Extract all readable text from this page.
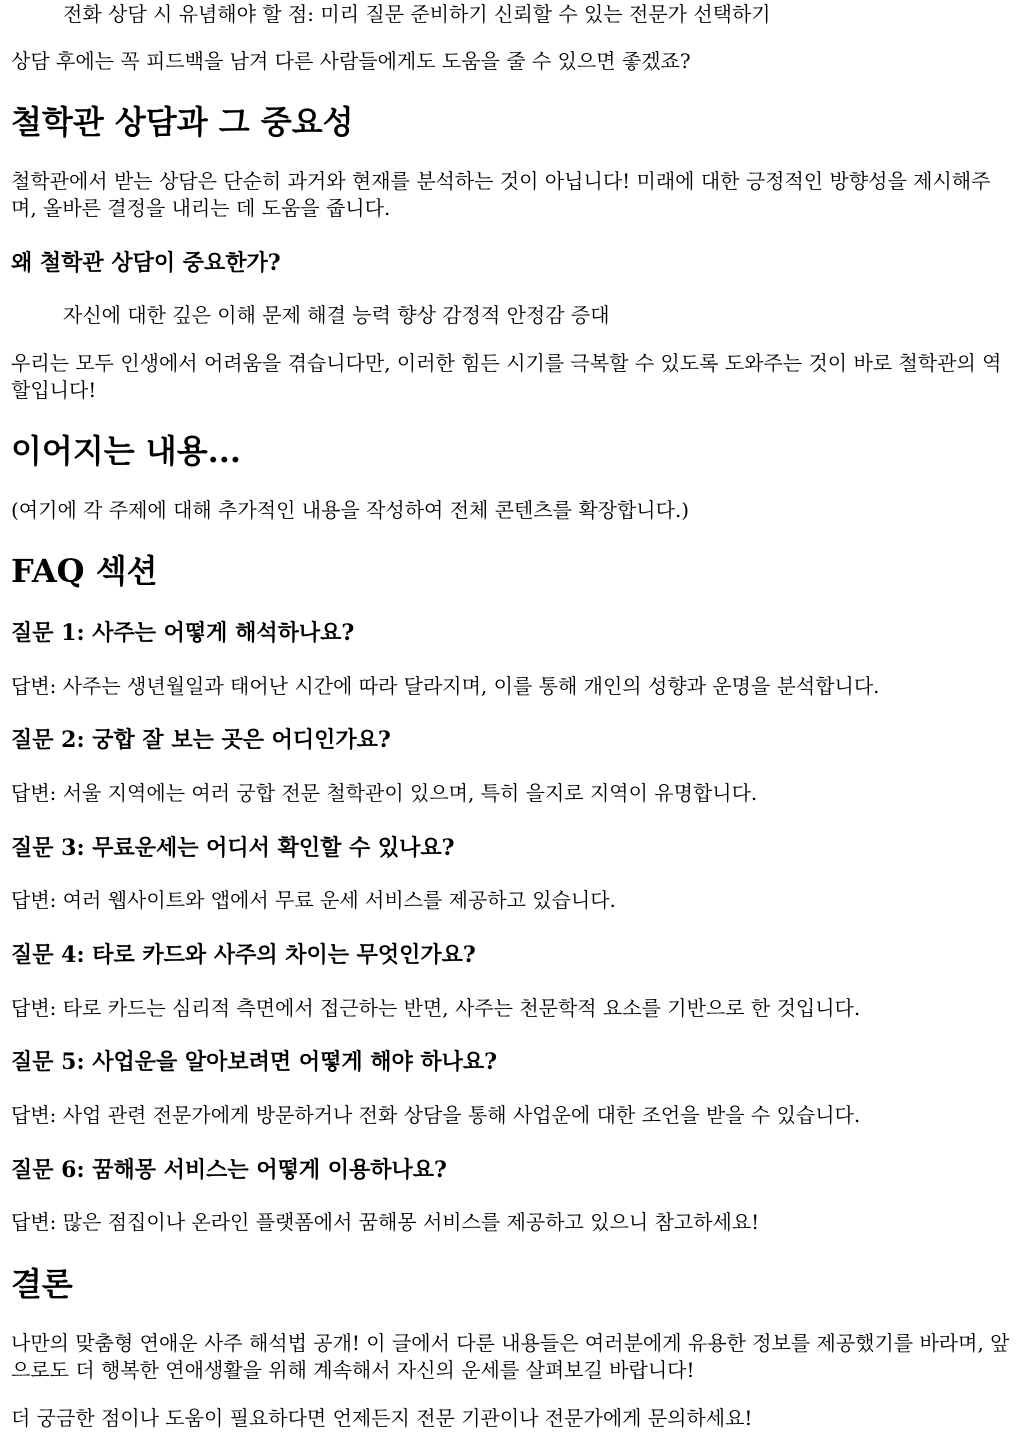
전화 상담 시 유념해야 할 점: 미리 질문 준비하기 신뢰할 수 있는 전문가 선택하기

상담 후에는 꼭 피드백을 남겨 다른 사람들에게도 도움을 줄 수 있으면 좋겠죠?

철학관 상담과 그 중요성

철학관에서 받는 상담은 단순히 과거와 현재를 분석하는 것이 아닙니다! 미래에 대한 긍정적인 방향성을 제시해주며, 올바른 결정을 내리는 데 도움을 줍니다.

왜 철학관 상담이 중요한가?

자신에 대한 깊은 이해 문제 해결 능력 향상 감정적 안정감 증대

우리는 모두 인생에서 어려움을 겪습니다만, 이러한 힘든 시기를 극복할 수 있도록 도와주는 것이 바로 철학관의 역할입니다!

이어지는 내용...

(여기에 각 주제에 대해 추가적인 내용을 작성하여 전체 콘텐츠를 확장합니다.)

FAQ 섹션
질문 1: 사주는 어떻게 해석하나요?

답변: 사주는 생년월일과 태어난 시간에 따라 달라지며, 이를 통해 개인의 성향과 운명을 분석합니다.

질문 2: 궁합 잘 보는 곳은 어디인가요?

답변: 서울 지역에는 여러 궁합 전문 철학관이 있으며, 특히 을지로 지역이 유명합니다.

질문 3: 무료운세는 어디서 확인할 수 있나요?

답변: 여러 웹사이트와 앱에서 무료 운세 서비스를 제공하고 있습니다.

질문 4: 타로 카드와 사주의 차이는 무엇인가요?

답변: 타로 카드는 심리적 측면에서 접근하는 반면, 사주는 천문학적 요소를 기반으로 한 것입니다.

질문 5: 사업운을 알아보려면 어떻게 해야 하나요?

답변: 사업 관련 전문가에게 방문하거나 전화 상담을 통해 사업운에 대한 조언을 받을 수 있습니다.

질문 6: 꿈해몽 서비스는 어떻게 이용하나요?

답변: 많은 점집이나 온라인 플랫폼에서 꿈해몽 서비스를 제공하고 있으니 참고하세요!

결론

나만의 맞춤형 연애운 사주 해석법 공개! 이 글에서 다룬 내용들은 여러분에게 유용한 정보를 제공했기를 바라며, 앞으로도 더 행복한 연애생활을 위해 계속해서 자신의 운세를 살펴보길 바랍니다!

더 궁금한 점이나 도움이 필요하다면 언제든지 전문 기관이나 전문가에게 문의하세요!
